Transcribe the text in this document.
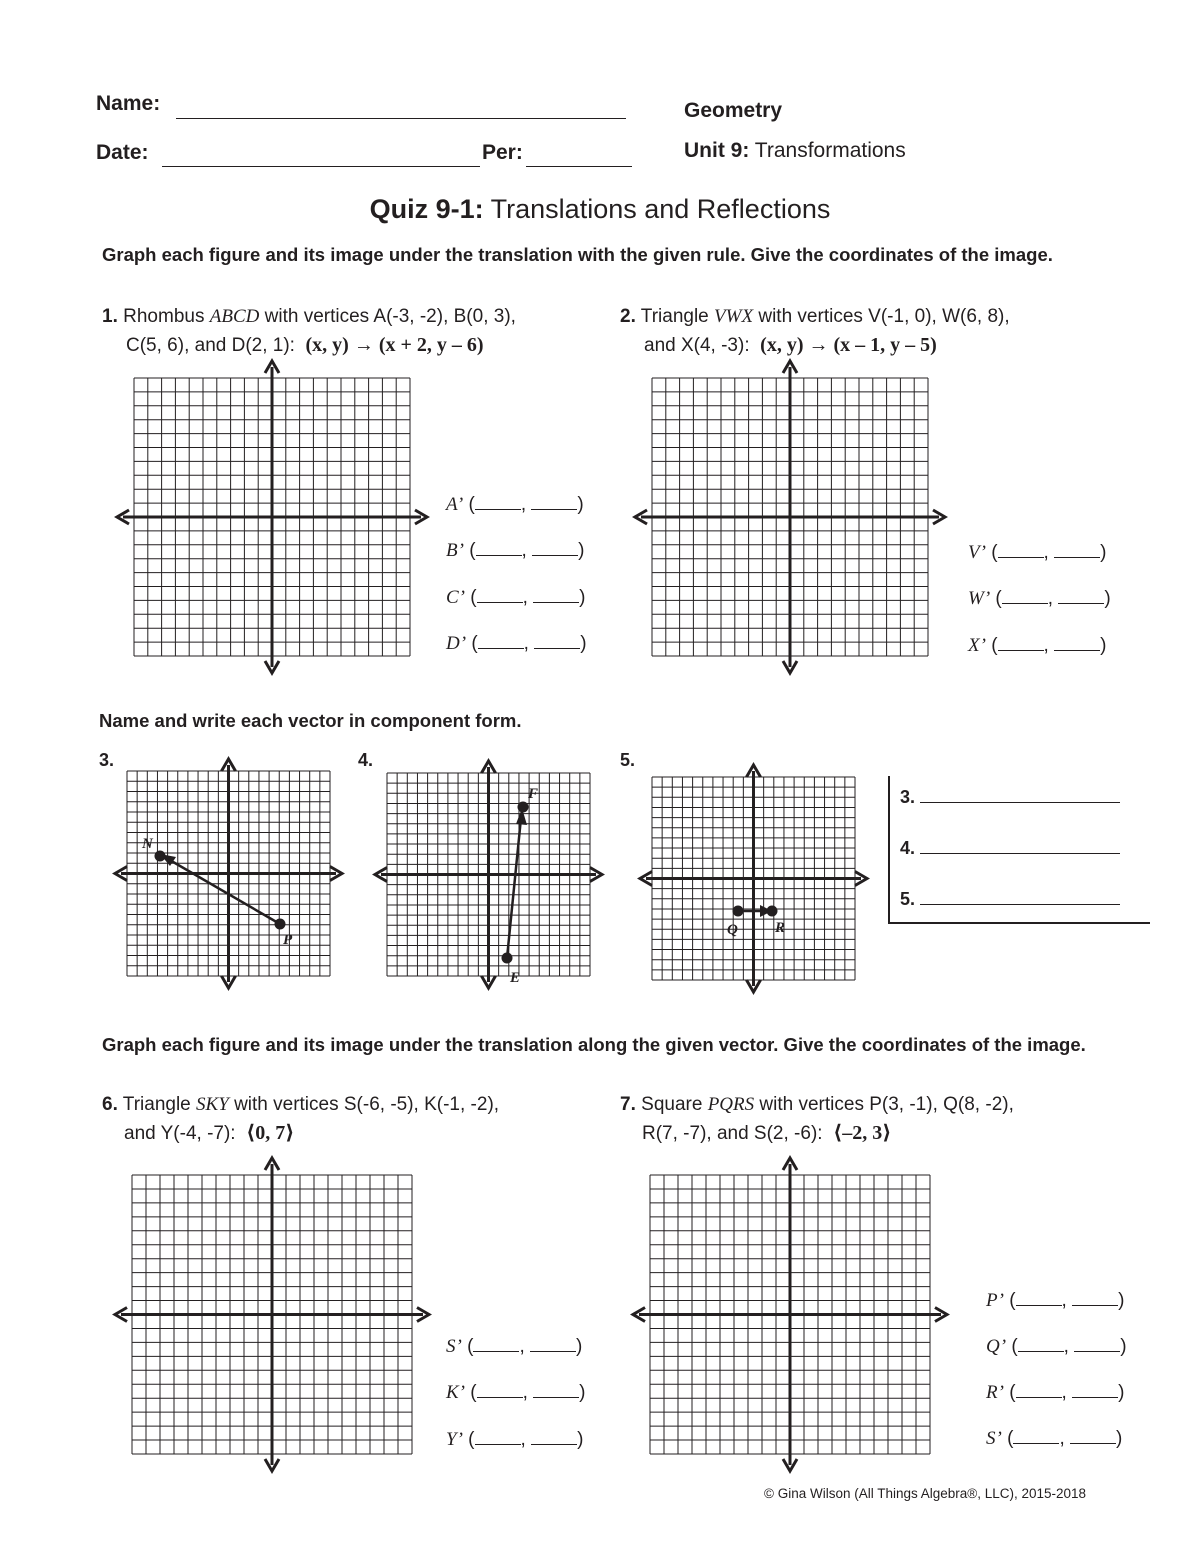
Name:
Date:	Per:
Geometry
Unit 9: Transformations
Quiz 9-1: Translations and Reflections
Graph each figure and its image under the translation with the given rule. Give the coordinates of the image.
1. Rhombus ABCD with vertices A(-3, -2), B(0, 3),
C(5, 6), and D(2, 1): (x, y) → (x + 2, y – 6)
2. Triangle VWX with vertices V(-1, 0), W(6, 8),
and X(4, -3): (x, y) → (x – 1, y – 5)
A’ ( , )
B’ ( , )
C’ ( , )
D’ ( , )
V’ ( , )
W’ ( , )
X’ ( , )
Name and write each vector in component form.
3.	4.	5.
N
P
F
E
Q R
3.
4.
5.
Graph each figure and its image under the translation along the given vector. Give the coordinates of the image.
6. Triangle SKY with vertices S(-6, -5), K(-1, -2),
and Y(-4, -7): ⟨0, 7⟩
7. Square PQRS with vertices P(3, -1), Q(8, -2),
R(7, -7), and S(2, -6): ⟨–2, 3⟩
S’ ( , )
K’ ( , )
Y’ ( , )
P’ ( , )
Q’ ( , )
R’ ( , )
S’ ( , )
© Gina Wilson (All Things Algebra®, LLC), 2015-2018
